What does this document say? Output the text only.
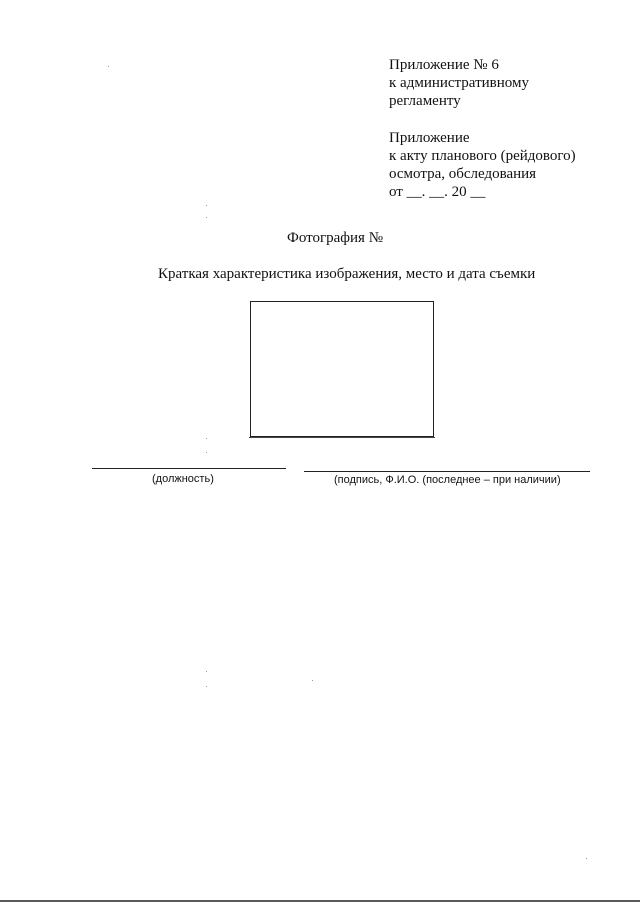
Приложение № 6
к административному
регламенту
Приложение
к акту планового (рейдового)
осмотра, обследования
от __. __. 20 __
Фотография №
Краткая характеристика изображения, место и дата съемки
(должность)	(подпись, Ф.И.О. (последнее – при наличии)
